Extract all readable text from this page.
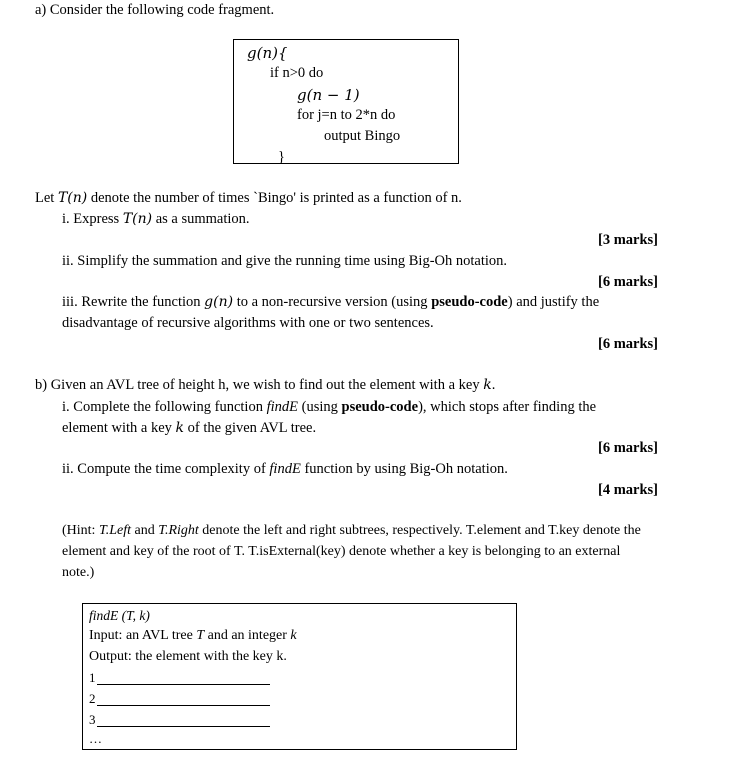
a) Consider the following code fragment.
g(n){
if n>0 do
g(n − 1)
for j=n to 2*n do
output Bingo
}
Let T(n) denote the number of times `Bingo' is printed as a function of n.
i. Express T(n) as a summation.
[3 marks]
ii. Simplify the summation and give the running time using Big-Oh notation.
[6 marks]
iii. Rewrite the function g(n) to a non-recursive version (using pseudo-code) and justify the
disadvantage of recursive algorithms with one or two sentences.
[6 marks]
b) Given an AVL tree of height h, we wish to find out the element with a key k.
i. Complete the following function findE (using pseudo-code), which stops after finding the
element with a key k of the given AVL tree.
[6 marks]
ii. Compute the time complexity of findE function by using Big-Oh notation.
[4 marks]
(Hint: T.Left and T.Right denote the left and right subtrees, respectively. T.element and T.key denote the
element and key of the root of T. T.isExternal(key) denote whether a key is belonging to an external
note.)
findE (T, k)
Input: an AVL tree T and an integer k
Output: the element with the key k.
1
2
3
…
